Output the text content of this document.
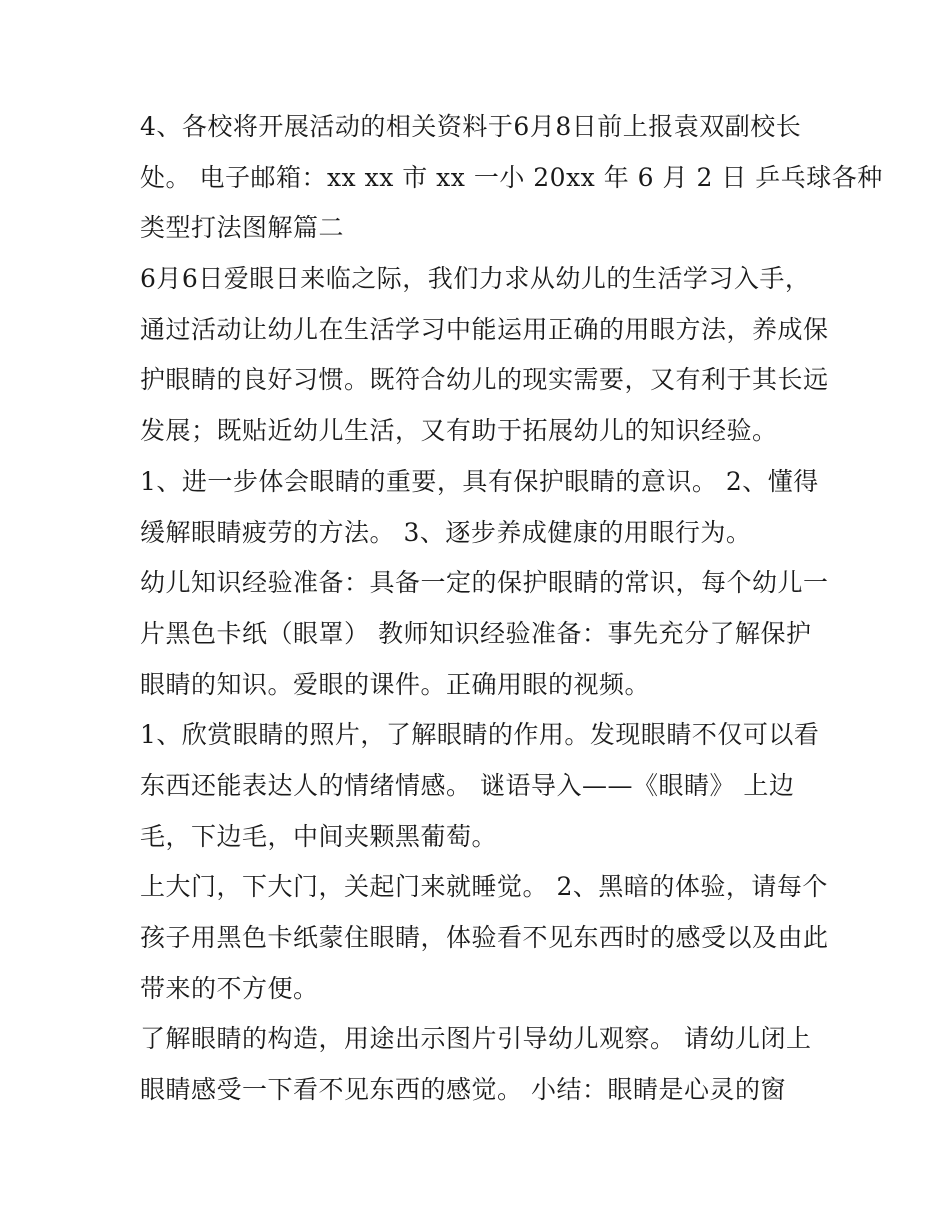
4、各校将开展活动的相关资料于6月8日前上报袁双副校长
处。 电子邮箱：xx xx 市 xx 一小 20xx 年 6 月 2 日 乒乓球各种
类型打法图解篇二
6月6日爱眼日来临之际，我们力求从幼儿的生活学习入手，
通过活动让幼儿在生活学习中能运用正确的用眼方法，养成保
护眼睛的良好习惯。既符合幼儿的现实需要，又有利于其长远
发展；既贴近幼儿生活，又有助于拓展幼儿的知识经验。
1、进一步体会眼睛的重要，具有保护眼睛的意识。 2、懂得
缓解眼睛疲劳的方法。 3、逐步养成健康的用眼行为。
幼儿知识经验准备：具备一定的保护眼睛的常识，每个幼儿一
片黑色卡纸（眼罩） 教师知识经验准备：事先充分了解保护
眼睛的知识。爱眼的课件。正确用眼的视频。
1、欣赏眼睛的照片，了解眼睛的作用。发现眼睛不仅可以看
东西还能表达人的情绪情感。 谜语导入——《眼睛》 上边
毛，下边毛，中间夹颗黑葡萄。
上大门，下大门，关起门来就睡觉。 2、黑暗的体验，请每个
孩子用黑色卡纸蒙住眼睛，体验看不见东西时的感受以及由此
带来的不方便。
了解眼睛的构造，用途出示图片引导幼儿观察。 请幼儿闭上
眼睛感受一下看不见东西的感觉。 小结：眼睛是心灵的窗
